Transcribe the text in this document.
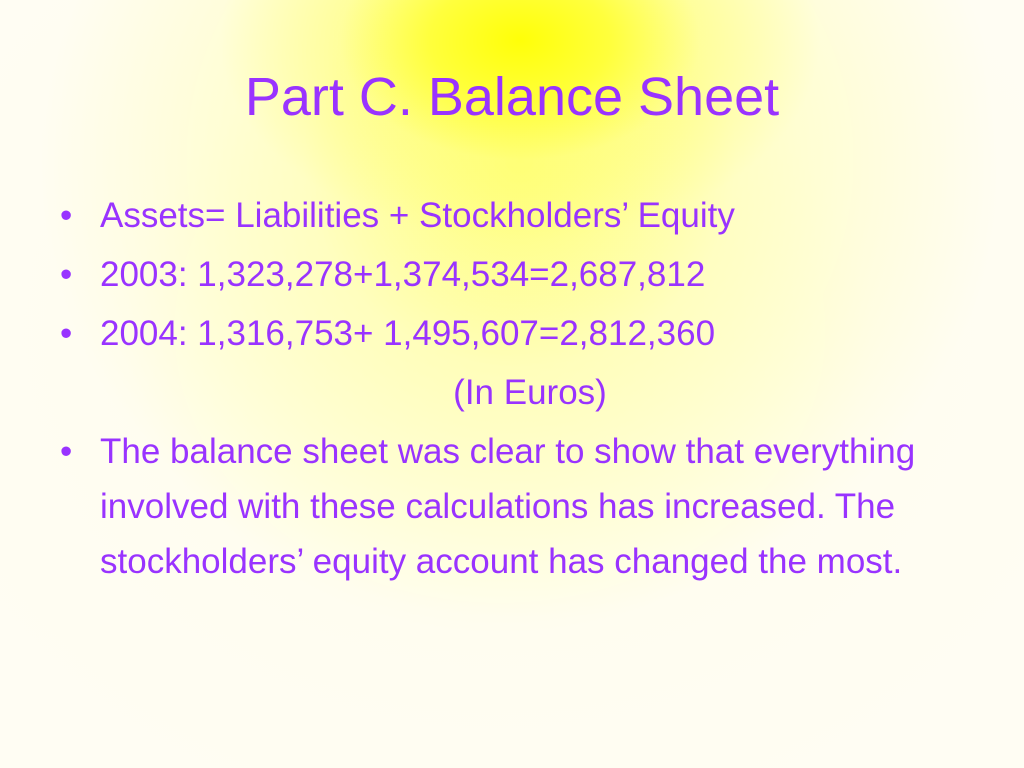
Part C. Balance Sheet
• Assets= Liabilities + Stockholders’ Equity
• 2003: 1,323,278+1,374,534=2,687,812
• 2004: 1,316,753+ 1,495,607=2,812,360
(In Euros)
• The balance sheet was clear to show that everything involved with these calculations has increased. The stockholders’ equity account has changed the most.
